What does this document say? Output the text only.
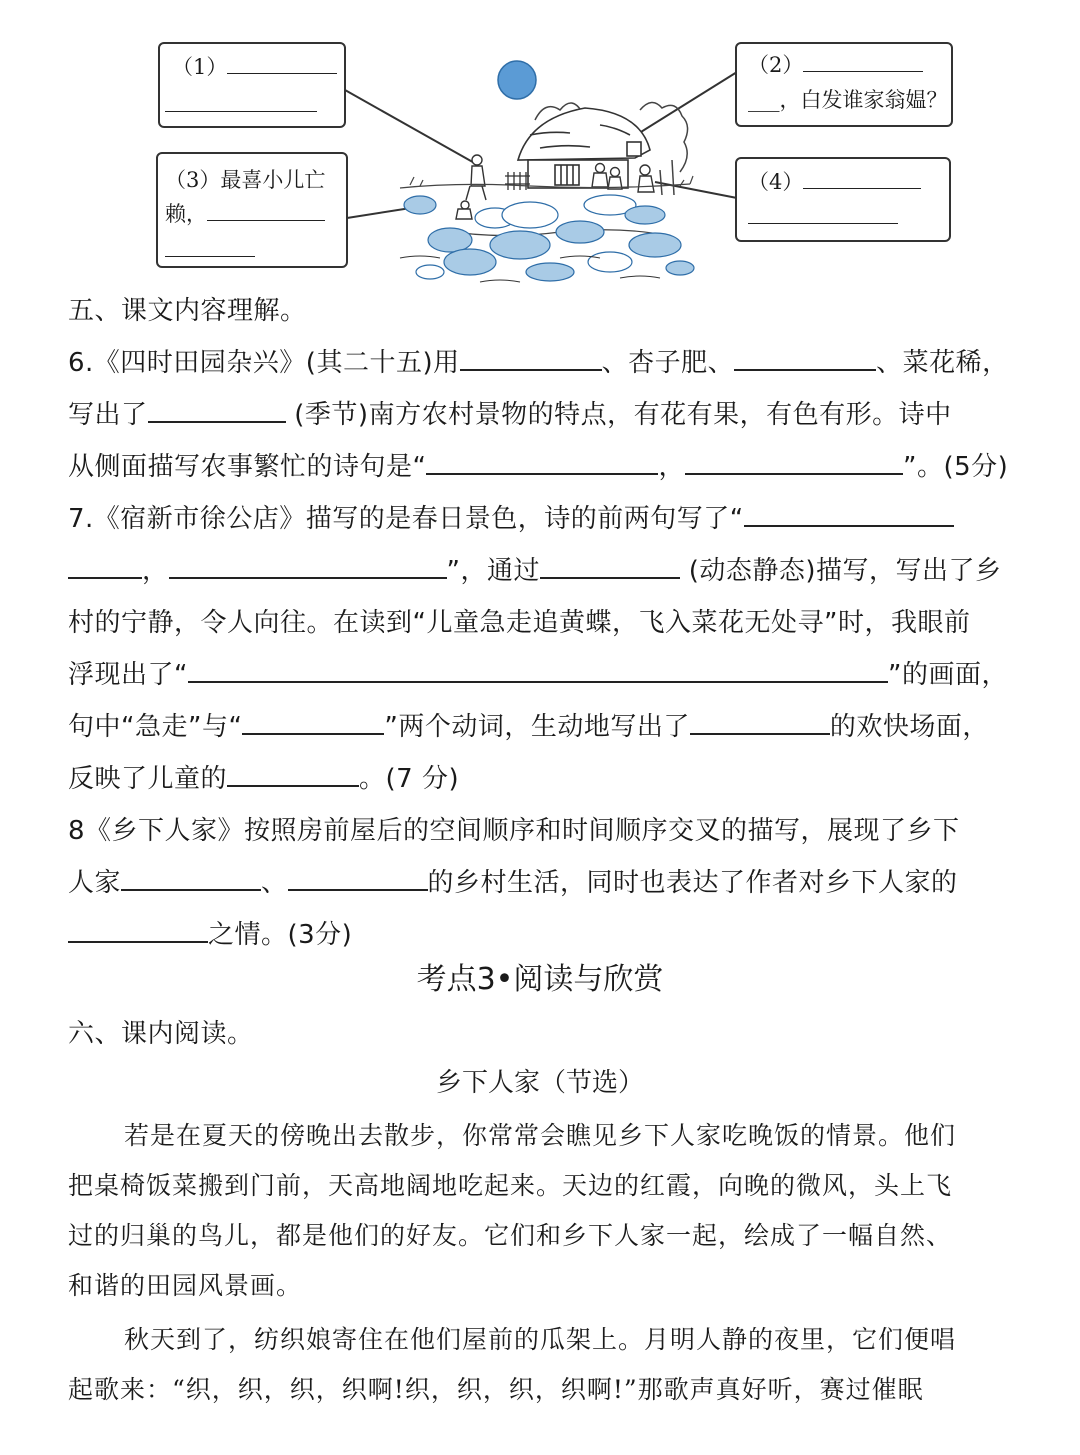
（1）	（2）
___，白发谁家翁媪？
（3）最喜小儿亡
赖，
（4）
五、课文内容理解。
6.《四时田园杂兴》(其二十五)用	、杏子肥、	、菜花稀，
写出了	(季节)南方农村景物的特点，有花有果，有色有形。诗中
从侧面描写农事繁忙的诗句是“	，	”。(5分)
7.《宿新市徐公店》描写的是春日景色，诗的前两句写了“
，	”，通过	(动态静态)描写，写出了乡
村的宁静，令人向往。在读到“儿童急走追黄蝶，飞入菜花无处寻”时，我眼前
浮现出了“	”的画面，
句中“急走”与“	”两个动词，生动地写出了	的欢快场面，
反映了儿童的	。(7 分)
8《乡下人家》按照房前屋后的空间顺序和时间顺序交叉的描写，展现了乡下
人家	、	的乡村生活，同时也表达了作者对乡下人家的
之情。(3分)
考点3•阅读与欣赏
六、课内阅读。
乡下人家（节选）
若是在夏天的傍晚出去散步，你常常会瞧见乡下人家吃晚饭的情景。他们
把桌椅饭菜搬到门前，天高地阔地吃起来。天边的红霞，向晚的微风，头上飞
过的归巢的鸟儿，都是他们的好友。它们和乡下人家一起，绘成了一幅自然、
和谐的田园风景画。
秋天到了，纺织娘寄住在他们屋前的瓜架上。月明人静的夜里，它们便唱
起歌来：“织，织，织，织啊!织，织，织，织啊!”那歌声真好听，赛过催眠
